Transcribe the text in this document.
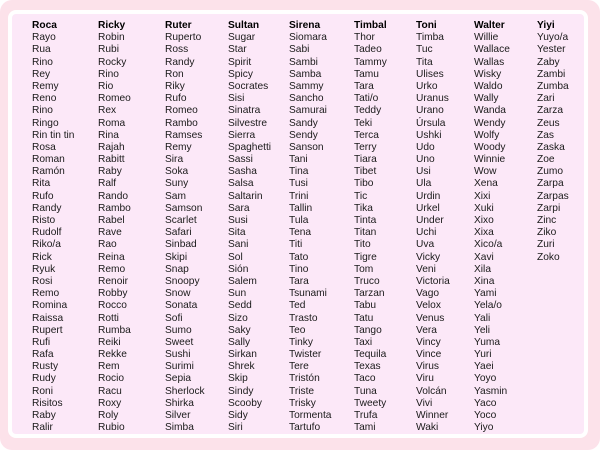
Roca
Rayo
Rua
Rino
Rey
Remy
Reno
Rino
Ringo
Rin tin tin
Rosa
Roman
Ramón
Rita
Rufo
Randy
Risto
Rudolf
Riko/a
Rick
Ryuk
Rosi
Remo
Romina
Raissa
Rupert
Rufi
Rafa
Rusty
Rudy
Roni
Risitos
Raby
Ralir
Ricky
Robin
Rubi
Rocky
Rino
Rio
Romeo
Rex
Roma
Rina
Rajah
Rabitt
Raby
Ralf
Rando
Rambo
Rabel
Rave
Rao
Reina
Remo
Renoir
Robby
Rocco
Rotti
Rumba
Reiki
Rekke
Rem
Rocio
Racu
Roxy
Roly
Rubio
Ruter
Ruperto
Ross
Randy
Ron
Riky
Rufo
Romeo
Rambo
Ramses
Remy
Sira
Soka
Suny
Sam
Samson
Scarlet
Safari
Sinbad
Skipi
Snap
Snoopy
Snow
Sonata
Sofi
Sumo
Sweet
Sushi
Surimi
Sepia
Sherlock
Shirka
Silver
Simba
Sultan
Sugar
Star
Spirit
Spicy
Socrates
Sisi
Sinatra
Silvestre
Sierra
Spaghetti
Sassi
Sasha
Salsa
Saltarin
Sara
Susi
Sita
Sani
Sol
Sión
Salem
Sun
Sedd
Sizo
Saky
Sally
Sirkan
Shrek
Skip
Sindy
Scooby
Sidy
Siri
Sirena
Siomara
Sabi
Sambi
Samba
Sammy
Sancho
Samurai
Sandy
Sendy
Sanson
Tani
Tina
Tusi
Trini
Tallin
Tula
Tena
Titi
Tato
Tino
Tara
Tsunami
Ted
Trasto
Teo
Tinky
Twister
Tere
Tristón
Triste
Trisky
Tormenta
Tartufo
Timbal
Thor
Tadeo
Tammy
Tamu
Tara
Tati/o
Teddy
Teki
Terca
Terry
Tiara
Tibet
Tibo
Tic
Tika
Tinta
Titan
Tito
Tigre
Tom
Truco
Tarzan
Tabu
Tatu
Tango
Taxi
Tequila
Texas
Taco
Tuna
Tweety
Trufa
Tami
Toni
Timba
Tuc
Tita
Ulises
Urko
Uranus
Urano
Úrsula
Ushki
Udo
Uno
Usi
Ula
Urdin
Urkel
Under
Uchi
Uva
Vicky
Veni
Victoria
Vago
Velox
Venus
Vera
Vincy
Vince
Virus
Viru
Volcán
Vivi
Winner
Waki
Walter
Willie
Wallace
Wallas
Wisky
Waldo
Wally
Wanda
Wendy
Wolfy
Woody
Winnie
Wow
Xena
Xixi
Xuki
Xixo
Xixa
Xico/a
Xavi
Xila
Xina
Yami
Yela/o
Yali
Yeli
Yuma
Yuri
Yaei
Yoyo
Yasmin
Yaco
Yoco
Yiyo
Yiyi
Yuyo/a
Yester
Zaby
Zambi
Zumba
Zari
Zarza
Zeus
Zas
Zaska
Zoe
Zumo
Zarpa
Zarpas
Zarpi
Zinc
Ziko
Zuri
Zoko
